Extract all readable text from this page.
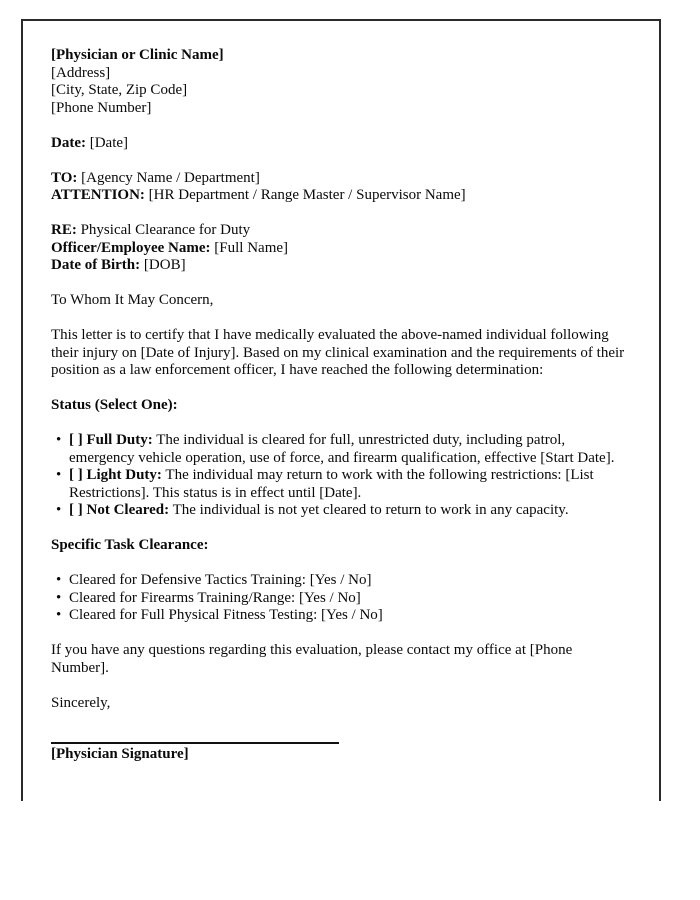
[Physician or Clinic Name]
[Address]
[City, State, Zip Code]
[Phone Number]
Date: [Date]
TO: [Agency Name / Department]
ATTENTION: [HR Department / Range Master / Supervisor Name]
RE: Physical Clearance for Duty
Officer/Employee Name: [Full Name]
Date of Birth: [DOB]
To Whom It May Concern,
This letter is to certify that I have medically evaluated the above-named individual following their injury on [Date of Injury]. Based on my clinical examination and the requirements of their position as a law enforcement officer, I have reached the following determination:
Status (Select One):
• [ ] Full Duty: The individual is cleared for full, unrestricted duty, including patrol, emergency vehicle operation, use of force, and firearm qualification, effective [Start Date].
• [ ] Light Duty: The individual may return to work with the following restrictions: [List Restrictions]. This status is in effect until [Date].
• [ ] Not Cleared: The individual is not yet cleared to return to work in any capacity.
Specific Task Clearance:
• Cleared for Defensive Tactics Training: [Yes / No]
• Cleared for Firearms Training/Range: [Yes / No]
• Cleared for Full Physical Fitness Testing: [Yes / No]
If you have any questions regarding this evaluation, please contact my office at [Phone Number].
Sincerely,
[Physician Signature]
